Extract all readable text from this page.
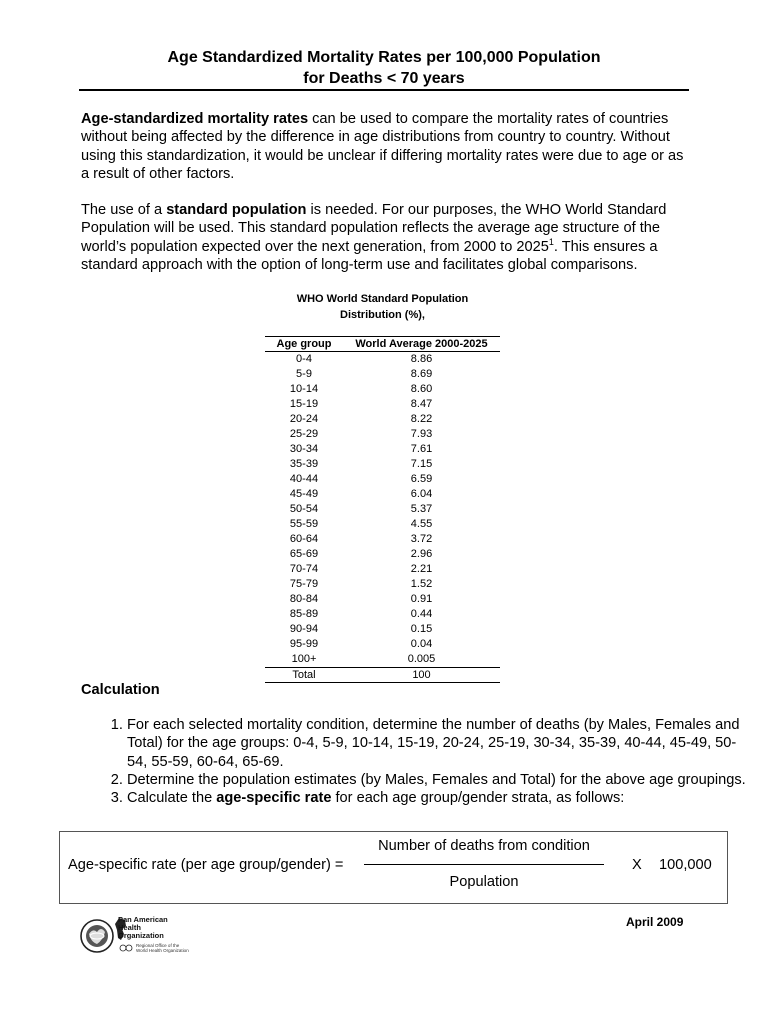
Age Standardized Mortality Rates per 100,000 Population
for Deaths < 70 years
Age-standardized mortality rates can be used to compare the mortality rates of countries without being affected by the difference in age distributions from country to country. Without using this standardization, it would be unclear if differing mortality rates were due to age or as a result of other factors.
The use of a standard population is needed. For our purposes, the WHO World Standard Population will be used. This standard population reflects the average age structure of the world’s population expected over the next generation, from 2000 to 2025$^1$. This ensures a standard approach with the option of long-term use and facilitates global comparisons.
WHO World Standard Population
Distribution (%),
Age group	World Average 2000-2025
0-4	8.86
5-9	8.69
10-14	8.60
15-19	8.47
20-24	8.22
25-29	7.93
30-34	7.61
35-39	7.15
40-44	6.59
45-49	6.04
50-54	5.37
55-59	4.55
60-64	3.72
65-69	2.96
70-74	2.21
75-79	1.52
80-84	0.91
85-89	0.44
90-94	0.15
95-99	0.04
100+	0.005
Total	100
Calculation
1. For each selected mortality condition, determine the number of deaths (by Males, Females and Total) for the age groups: 0-4, 5-9, 10-14, 15-19, 20-24, 25-19, 30-34, 35-39, 40-44, 45-49, 50-54, 55-59, 60-64, 65-69.
2. Determine the population estimates (by Males, Females and Total) for the above age groupings.
3. Calculate the age-specific rate for each age group/gender strata, as follows:
Age-specific rate (per age group/gender) =
Number of deaths from condition
Population
X 100,000
Pan American
Health
Organization
Regional Office of the
World Health Organization
April 2009
